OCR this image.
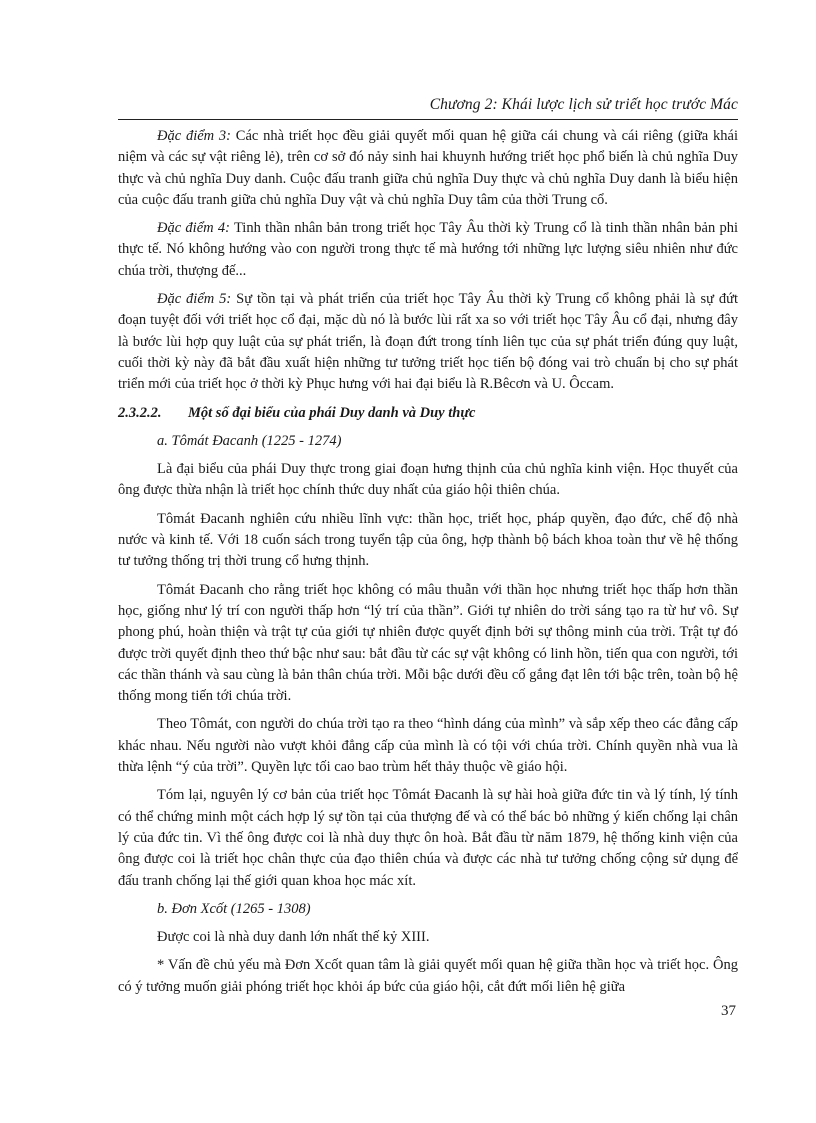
Chương 2: Khái lược lịch sử triết học trước Mác

Đặc điểm 3: Các nhà triết học đều giải quyết mối quan hệ giữa cái chung và cái riêng (giữa khái niệm và các sự vật riêng lẻ), trên cơ sở đó nảy sinh hai khuynh hướng triết học phổ biến là chủ nghĩa Duy thực và chủ nghĩa Duy danh. Cuộc đấu tranh giữa chủ nghĩa Duy thực và chủ nghĩa Duy danh là biểu hiện của cuộc đấu tranh giữa chủ nghĩa Duy vật và chủ nghĩa Duy tâm của thời Trung cổ.

Đặc điểm 4: Tinh thần nhân bản trong triết học Tây Âu thời kỳ Trung cổ là tinh thần nhân bản phi thực tế. Nó không hướng vào con người trong thực tế mà hướng tới những lực lượng siêu nhiên như đức chúa trời, thượng đế...

Đặc điểm 5: Sự tồn tại và phát triển của triết học Tây Âu thời kỳ Trung cổ không phải là sự đứt đoạn tuyệt đối với triết học cổ đại, mặc dù nó là bước lùi rất xa so với triết học Tây Âu cổ đại, nhưng đây là bước lùi hợp quy luật của sự phát triển, là đoạn đứt trong tính liên tục của sự phát triển đúng quy luật, cuối thời kỳ này đã bắt đầu xuất hiện những tư tưởng triết học tiến bộ đóng vai trò chuẩn bị cho sự phát triển mới của triết học ở thời kỳ Phục hưng với hai đại biểu là R.Bêcơn và U. Ôccam.

2.3.2.2. Một số đại biểu của phái Duy danh và Duy thực
a. Tômát Đacanh (1225 - 1274)

Là đại biểu của phái Duy thực trong giai đoạn hưng thịnh của chủ nghĩa kinh viện. Học thuyết của ông được thừa nhận là triết học chính thức duy nhất của giáo hội thiên chúa.

Tômát Đacanh nghiên cứu nhiều lĩnh vực: thần học, triết học, pháp quyền, đạo đức, chế độ nhà nước và kinh tế. Với 18 cuốn sách trong tuyển tập của ông, hợp thành bộ bách khoa toàn thư về hệ thống tư tưởng thống trị thời trung cổ hưng thịnh.

Tômát Đacanh cho rằng triết học không có mâu thuẫn với thần học nhưng triết học thấp hơn thần học, giống như lý trí con người thấp hơn “lý trí của thần”. Giới tự nhiên do trời sáng tạo ra từ hư vô. Sự phong phú, hoàn thiện và trật tự của giới tự nhiên được quyết định bởi sự thông minh của trời. Trật tự đó được trời quyết định theo thứ bậc như sau: bắt đầu từ các sự vật không có linh hồn, tiến qua con người, tới các thần thánh và sau cùng là bản thân chúa trời. Mỗi bậc dưới đều cố gắng đạt lên tới bậc trên, toàn bộ hệ thống mong tiến tới chúa trời.

Theo Tômát, con người do chúa trời tạo ra theo “hình dáng của mình” và sắp xếp theo các đẳng cấp khác nhau. Nếu người nào vượt khỏi đẳng cấp của mình là có tội với chúa trời. Chính quyền nhà vua là thừa lệnh “ý của trời”. Quyền lực tối cao bao trùm hết thảy thuộc về giáo hội.

Tóm lại, nguyên lý cơ bản của triết học Tômát Đacanh là sự hài hoà giữa đức tin và lý tính, lý tính có thể chứng minh một cách hợp lý sự tồn tại của thượng đế và có thể bác bỏ những ý kiến chống lại chân lý của đức tin. Vì thế ông được coi là nhà duy thực ôn hoà. Bắt đầu từ năm 1879, hệ thống kinh viện của ông được coi là triết học chân thực của đạo thiên chúa và được các nhà tư tưởng chống cộng sử dụng để đấu tranh chống lại thế giới quan khoa học mác xít.

b. Đơn Xcốt (1265 - 1308)

Được coi là nhà duy danh lớn nhất thế kỷ XIII.

* Vấn đề chủ yếu mà Đơn Xcốt quan tâm là giải quyết mối quan hệ giữa thần học và triết học. Ông có ý tưởng muốn giải phóng triết học khỏi áp bức của giáo hội, cắt đứt mối liên hệ giữa

37
